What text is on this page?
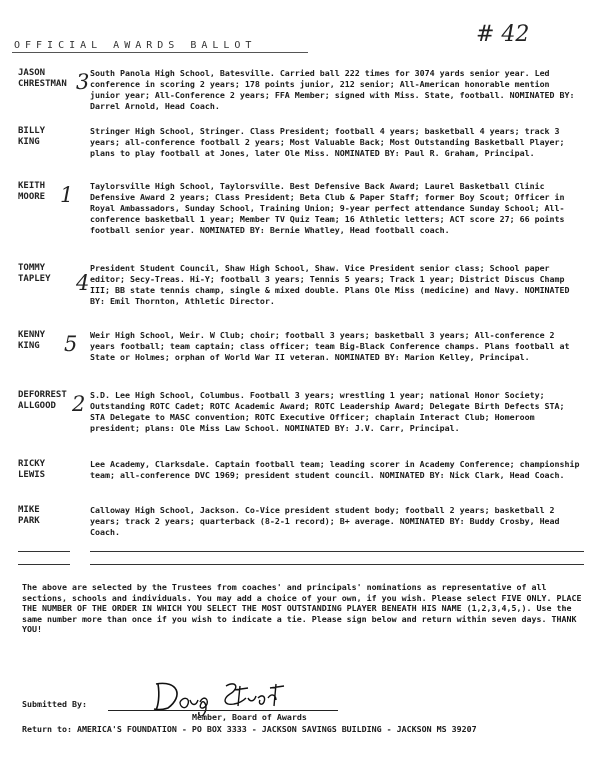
# 42
OFFICIAL AWARDS BALLOT
JASON
CHRESTMAN 3 South Panola High School, Batesville. Carried ball 222 times for 3074 yards senior year. Led conference in scoring 2 years; 178 points junior, 212 senior; All-American honorable mention junior year; All-Conference 2 years; FFA Member; signed with Miss. State, football. NOMINATED BY: Darrel Arnold, Head Coach.
BILLY
KING
Stringer High School, Stringer. Class President; football 4 years; basketball 4 years; track 3 years; all-conference football 2 years; Most Valuable Back; Most Outstanding Basketball Player; plans to play football at Jones, later Ole Miss. NOMINATED BY: Paul R. Graham, Principal.
KEITH
MOORE 1 Taylorsville High School, Taylorsville. Best Defensive Back Award; Laurel Basketball Clinic Defensive Award 2 years; Class President; Beta Club & Paper Staff; former Boy Scout; Officer in Royal Ambassadors, Sunday School, Training Union; 9-year perfect attendance Sunday School; All-conference basketball 1 year; Member TV Quiz Team; 16 Athletic letters; ACT score 27; 66 points football senior year. NOMINATED BY: Bernie Whatley, Head football coach.
TOMMY
TAPLEY	4
President Student Council, Shaw High School, Shaw. Vice President senior class; School paper editor; Secy-Treas. Hi-Y; football 3 years; Tennis 5 years; Track 1 year; District Discus Champ III; BB state tennis champ, single & mixed double. Plans Ole Miss (medicine) and Navy. NOMINATED BY: Emil Thornton, Athletic Director.
KENNY
KING	5 Weir High School, Weir. W Club; choir; football 3 years; basketball 3 years; All-conference 2 years football; team captain; class officer; team Big-Black Conference champs. Plans football at State or Holmes; orphan of World War II veteran. NOMINATED BY: Marion Kelley, Principal.
DEFORREST
ALLGOOD 2 S.D. Lee High School, Columbus. Football 3 years; wrestling 1 year; national Honor Society; Outstanding ROTC Cadet; ROTC Academic Award; ROTC Leadership Award; Delegate Birth Defects STA; STA Delegate to MASC convention; ROTC Executive Officer; chaplain Interact Club; Homeroom president; plans: Ole Miss Law School. NOMINATED BY: J.V. Carr, Principal.
RICKY
LEWIS
Lee Academy, Clarksdale. Captain football team; leading scorer in Academy Conference; championship team; all-conference DVC 1969; president student council. NOMINATED BY: Nick Clark, Head Coach.
MIKE
PARK
Calloway High School, Jackson. Co-Vice president student body; football 2 years; basketball 2 years; track 2 years; quarterback (8-2-1 record); B+ average. NOMINATED BY: Buddy Crosby, Head Coach.
The above are selected by the Trustees from coaches' and principals' nominations as representative of all sections, schools and individuals. You may add a choice of your own, if you wish. Please select FIVE ONLY. PLACE THE NUMBER OF THE ORDER IN WHICH YOU SELECT THE MOST OUTSTANDING PLAYER BENEATH HIS NAME (1,2,3,4,5,). Use the same number more than once if you wish to indicate a tie. Please sign below and return within seven days. THANK YOU!
Submitted By:
Member, Board of Awards
Return to: AMERICA'S FOUNDATION - PO BOX 3333 - JACKSON SAVINGS BUILDING - JACKSON MS 39207
